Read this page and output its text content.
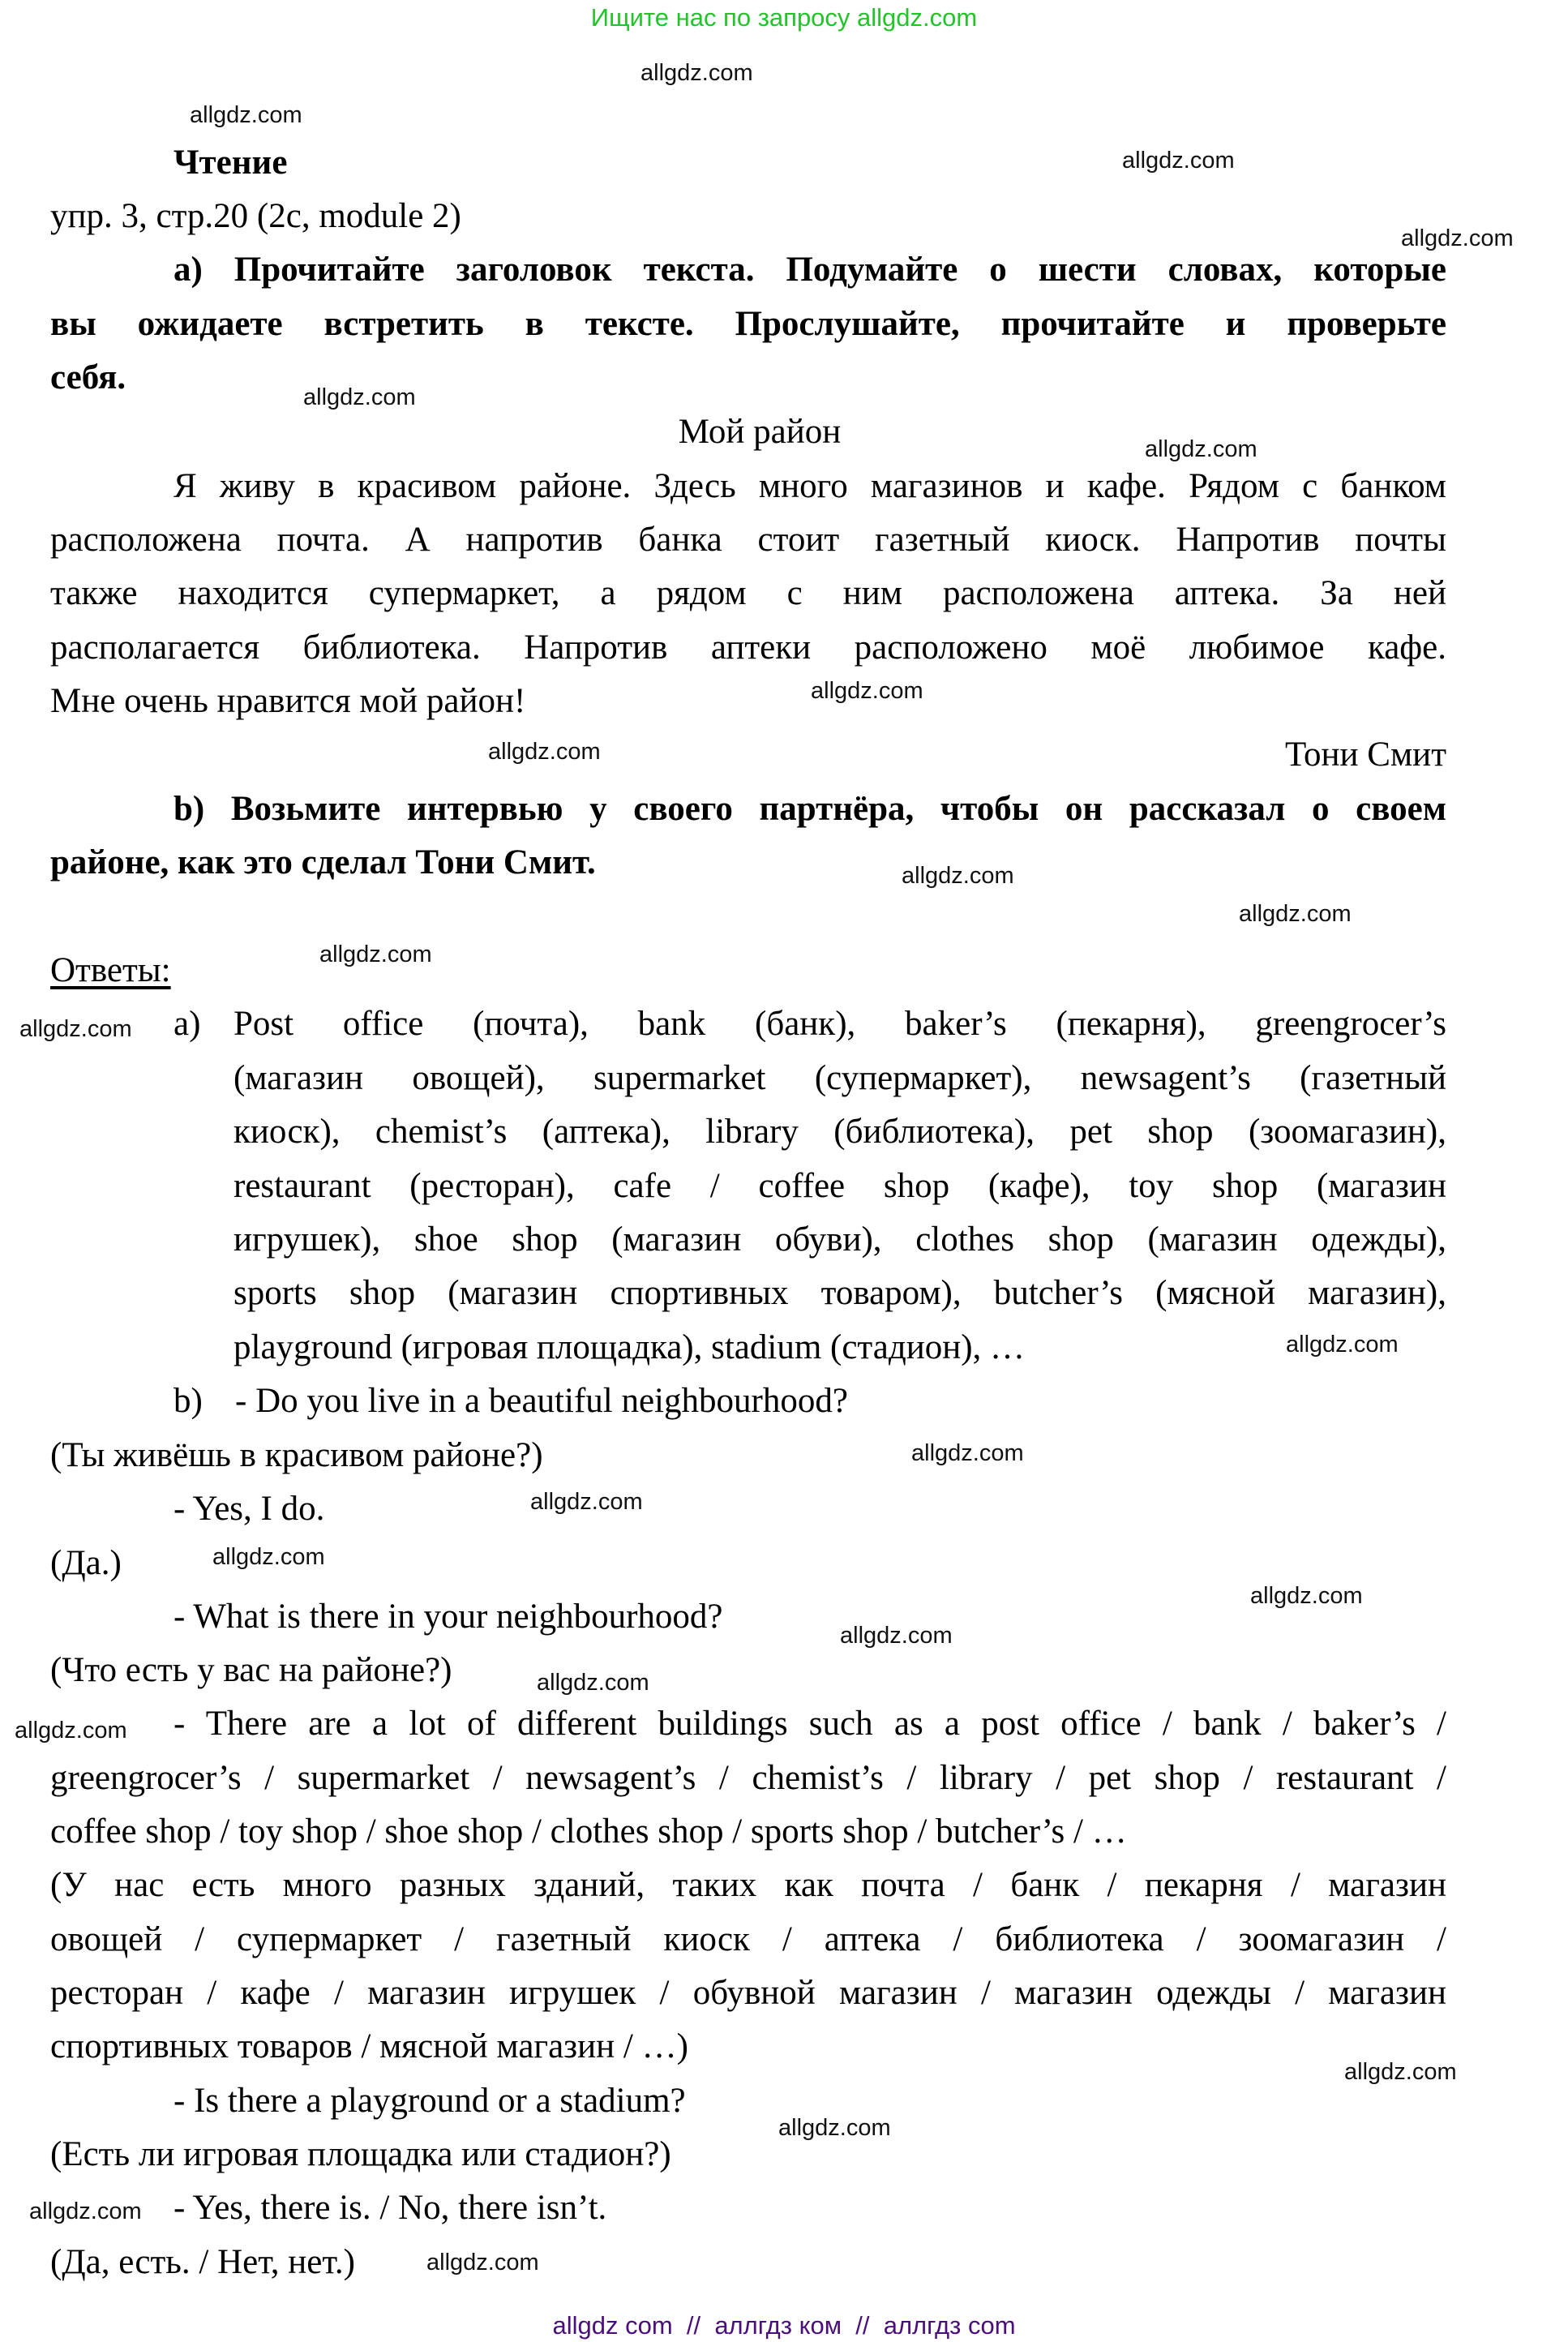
Ищите нас по запросу allgdz.com
allgdz.com
allgdz.com
allgdz.com
allgdz.com
allgdz.com
allgdz.com
allgdz.com
allgdz.com
allgdz.com
allgdz.com
allgdz.com
allgdz.com
allgdz.com
allgdz.com
allgdz.com
allgdz.com
allgdz.com
allgdz.com
allgdz.com
allgdz.com
allgdz.com
allgdz.com
allgdz.com
allgdz.com
Чтение
упр. 3, стр.20 (2c, module 2)
a) Прочитайте заголовок текста. Подумайте о шести словах, которые
вы ожидаете встретить в тексте. Прослушайте, прочитайте и проверьте
себя.
Мой район
Я живу в красивом районе. Здесь много магазинов и кафе. Рядом с банком
расположена почта. А напротив банка стоит газетный киоск. Напротив почты
также находится супермаркет, а рядом с ним расположена аптека. За ней
располагается библиотека. Напротив аптеки расположено моё любимое кафе.
Мне очень нравится мой район!
Тони Смит
b) Возьмите интервью у своего партнёра, чтобы он рассказал о своем
районе, как это сделал Тони Смит.
Ответы:
a) Post office (почта), bank (банк), baker’s (пекарня), greengrocer’s
(магазин овощей), supermarket (супермаркет), newsagent’s (газетный
киоск), chemist’s (аптека), library (библиотека), pet shop (зоомагазин),
restaurant (ресторан), cafe / coffee shop (кафе), toy shop (магазин
игрушек), shoe shop (магазин обуви), clothes shop (магазин одежды),
sports shop (магазин спортивных товаром), butcher’s (мясной магазин),
playground (игровая площадка), stadium (стадион), …
b) - Do you live in a beautiful neighbourhood?
(Ты живёшь в красивом районе?)
- Yes, I do.
(Да.)
- What is there in your neighbourhood?
(Что есть у вас на районе?)
- There are a lot of different buildings such as a post office / bank / baker’s /
greengrocer’s / supermarket / newsagent’s / chemist’s / library / pet shop / restaurant /
coffee shop / toy shop / shoe shop / clothes shop / sports shop / butcher’s / …
(У нас есть много разных зданий, таких как почта / банк / пекарня / магазин
овощей / супермаркет / газетный киоск / аптека / библиотека / зоомагазин /
ресторан / кафе / магазин игрушек / обувной магазин / магазин одежды / магазин
спортивных товаров / мясной магазин / …)
- Is there a playground or a stadium?
(Есть ли игровая площадка или стадион?)
- Yes, there is. / No, there isn’t.
(Да, есть. / Нет, нет.)
allgdz com  //  аллгдз ком  //  аллгдз com
